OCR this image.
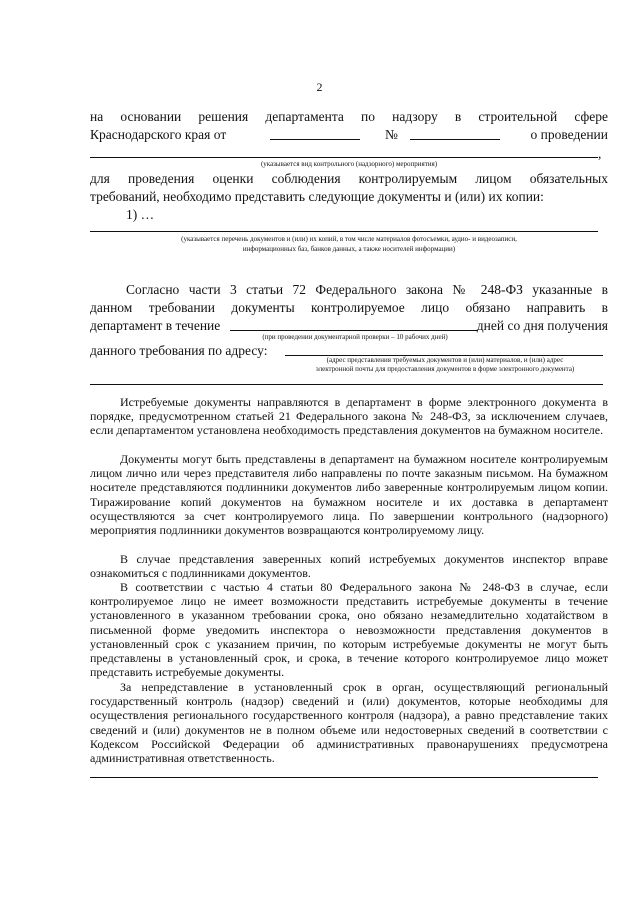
2
на основании решения департамента по надзору в строительной сфере
Краснодарского края от	№	о проведении
,
(указывается вид контрольного (надзорного) мероприятия)
для проведения оценки соблюдения контролируемым лицом обязательных
требований, необходимо представить следующие документы и (или) их копии:
1) …
(указывается перечень документов и (или) их копий, в том числе материалов фотосъемки, аудио- и видеозаписи,
информационных баз, банков данных, а также носителей информации)
Согласно части 3 статьи 72 Федерального закона № 248-ФЗ указанные в
данном требовании документы контролируемое лицо обязано направить в
департамент в течение	дней со дня получения
(при проведении документарной проверки – 10 рабочих дней)
данного требования по адресу:
(адрес представления требуемых документов и (или) материалов, и (или) адрес
электронной почты для предоставления документов в форме электронного документа)

Истребуемые документы направляются в департамент в форме электронного документа в порядке, предусмотренном статьей 21 Федерального закона № 248-ФЗ, за исключением случаев, если департаментом установлена необходимость представления документов на бумажном носителе.

Документы могут быть представлены в департамент на бумажном носителе контролируемым лицом лично или через представителя либо направлены по почте заказным письмом. На бумажном носителе представляются подлинники документов либо заверенные контролируемым лицом копии. Тиражирование копий документов на бумажном носителе и их доставка в департамент осуществляются за счет контролируемого лица. По завершении контрольного (надзорного) мероприятия подлинники документов возвращаются контролируемому лицу.

В случае представления заверенных копий истребуемых документов инспектор вправе ознакомиться с подлинниками документов.

В соответствии с частью 4 статьи 80 Федерального закона № 248-ФЗ в случае, если контролируемое лицо не имеет возможности представить истребуемые документы в течение установленного в указанном требовании срока, оно обязано незамедлительно ходатайством в письменной форме уведомить инспектора о невозможности представления документов в установленный срок с указанием причин, по которым истребуемые документы не могут быть представлены в установленный срок, и срока, в течение которого контролируемое лицо может представить истребуемые документы.

За непредставление в установленный срок в орган, осуществляющий региональный государственный контроль (надзор) сведений и (или) документов, которые необходимы для осуществления регионального государственного контроля (надзора), а равно представление таких сведений и (или) документов не в полном объеме или недостоверных сведений в соответствии с Кодексом Российской Федерации об административных правонарушениях предусмотрена административная ответственность.
